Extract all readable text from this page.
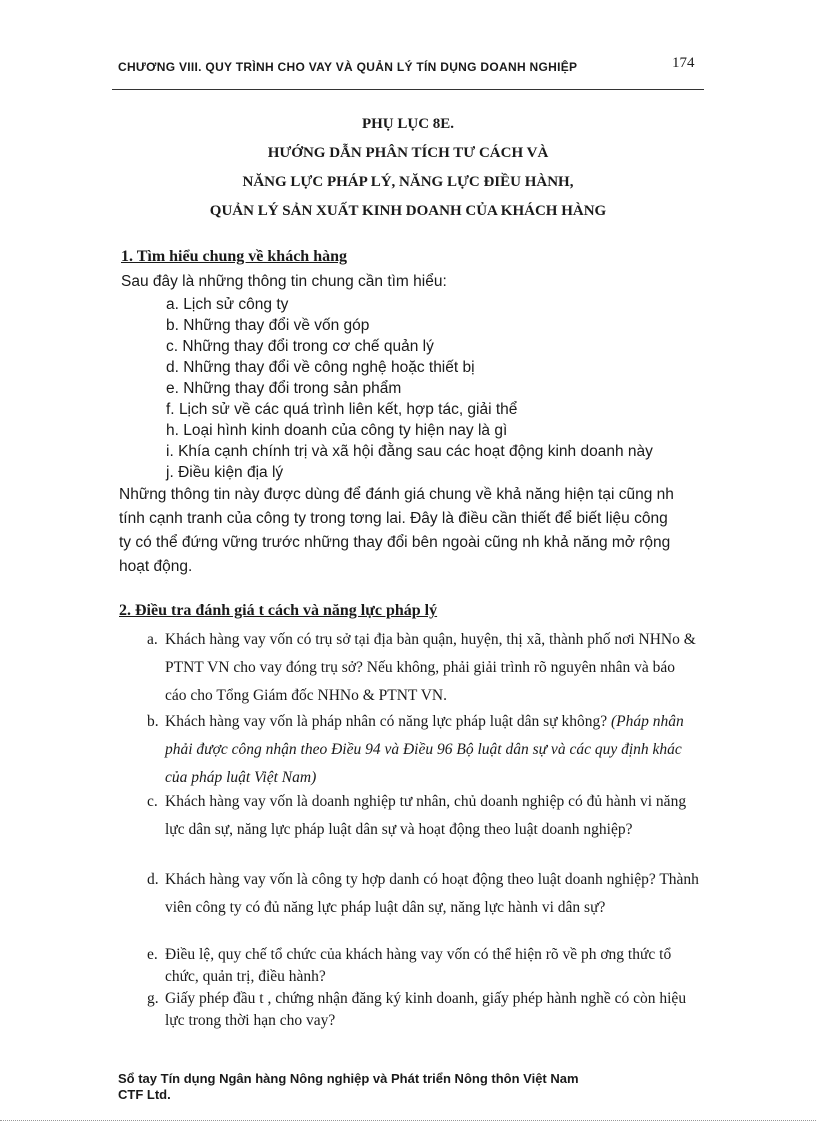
CHƯƠNG VIII. QUY TRÌNH CHO VAY VÀ QUẢN LÝ TÍN DỤNG DOANH NGHIỆP	174
PHỤ LỤC 8E.
HƯỚNG DẪN PHÂN TÍCH TƯ CÁCH VÀ
NĂNG LỰC PHÁP LÝ, NĂNG LỰC ĐIỀU HÀNH,
QUẢN LÝ SẢN XUẤT KINH DOANH CỦA KHÁCH HÀNG
1. Tìm hiểu chung về khách hàng
Sau đây là những thông tin chung cần tìm hiểu:
a. Lịch sử công ty
b. Những thay đổi về vốn góp
c. Những thay đổi trong cơ chế quản lý
d. Những thay đổi về công nghệ hoặc thiết bị
e. Những thay đổi trong sản phẩm
f. Lịch sử về các quá trình liên kết, hợp tác, giải thể
h. Loại hình kinh doanh của công ty hiện nay là gì
i. Khía cạnh chính trị và xã hội đằng sau các hoạt động kinh doanh này
j. Điều kiện địa lý
Những thông tin này được dùng để đánh giá chung về khả năng hiện tại cũng nh
tính cạnh tranh của công ty trong tơng lai. Đây là điều cần thiết để biết liệu công
ty có thể đứng vững trước những thay đổi bên ngoài cũng nh khả năng mở rộng
hoạt động.
2. Điều tra đánh giá t cách và năng lực pháp lý
a. Khách hàng vay vốn có trụ sở tại địa bàn quận, huyện, thị xã, thành phố nơi NHNo & PTNT VN cho vay đóng trụ sở? Nếu không, phải giải trình rõ nguyên nhân và báo cáo cho Tổng Giám đốc NHNo & PTNT VN.
b. Khách hàng vay vốn là pháp nhân có năng lực pháp luật dân sự không? (Pháp nhân phải được công nhận theo Điều 94 và Điều 96 Bộ luật dân sự và các quy định khác của pháp luật Việt Nam)
c. Khách hàng vay vốn là doanh nghiệp tư nhân, chủ doanh nghiệp có đủ hành vi năng lực dân sự, năng lực pháp luật dân sự và hoạt động theo luật doanh nghiệp?
d. Khách hàng vay vốn là công ty hợp danh có hoạt động theo luật doanh nghiệp? Thành viên công ty có đủ năng lực pháp luật dân sự, năng lực hành vi dân sự?
e. Điều lệ, quy chế tổ chức của khách hàng vay vốn có thể hiện rõ về ph ơng thức tổ chức, quản trị, điều hành?
g. Giấy phép đầu t , chứng nhận đăng ký kinh doanh, giấy phép hành nghề có còn hiệu lực trong thời hạn cho vay?
Sổ tay Tín dụng Ngân hàng Nông nghiệp và Phát triển Nông thôn Việt Nam
CTF Ltd.
